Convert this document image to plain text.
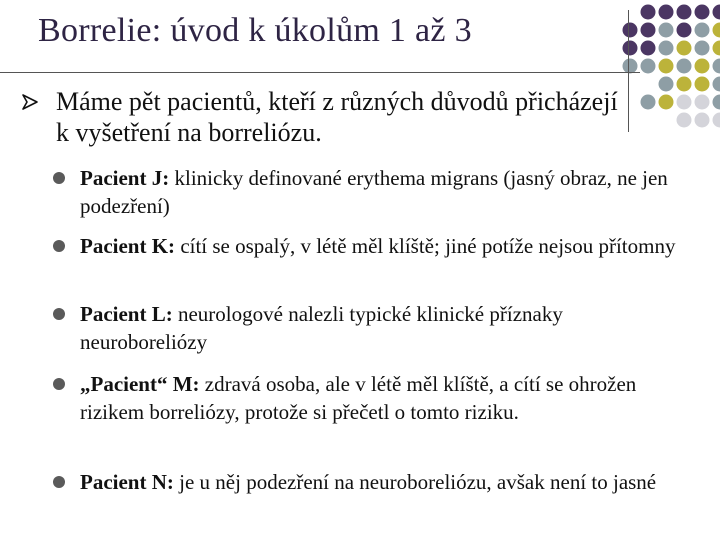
Borrelie: úvod k úkolům 1 až 3
Máme pět pacientů, kteří z různých důvodů přicházejí
k vyšetření na borreliózu.
Pacient J: klinicky definované erythema migrans (jasný obraz, ne jen podezření)
Pacient K: cítí se ospalý, v létě měl klíště; jiné potíže nejsou přítomny
Pacient L: neurologové nalezli typické klinické příznaky neuroboreliózy
„Pacient“ M: zdravá osoba, ale v létě měl klíště, a cítí se ohrožen rizikem borreliózy, protože si přečetl o tomto riziku.
Pacient N: je u něj podezření na neuroboreliózu, avšak není to jasné
